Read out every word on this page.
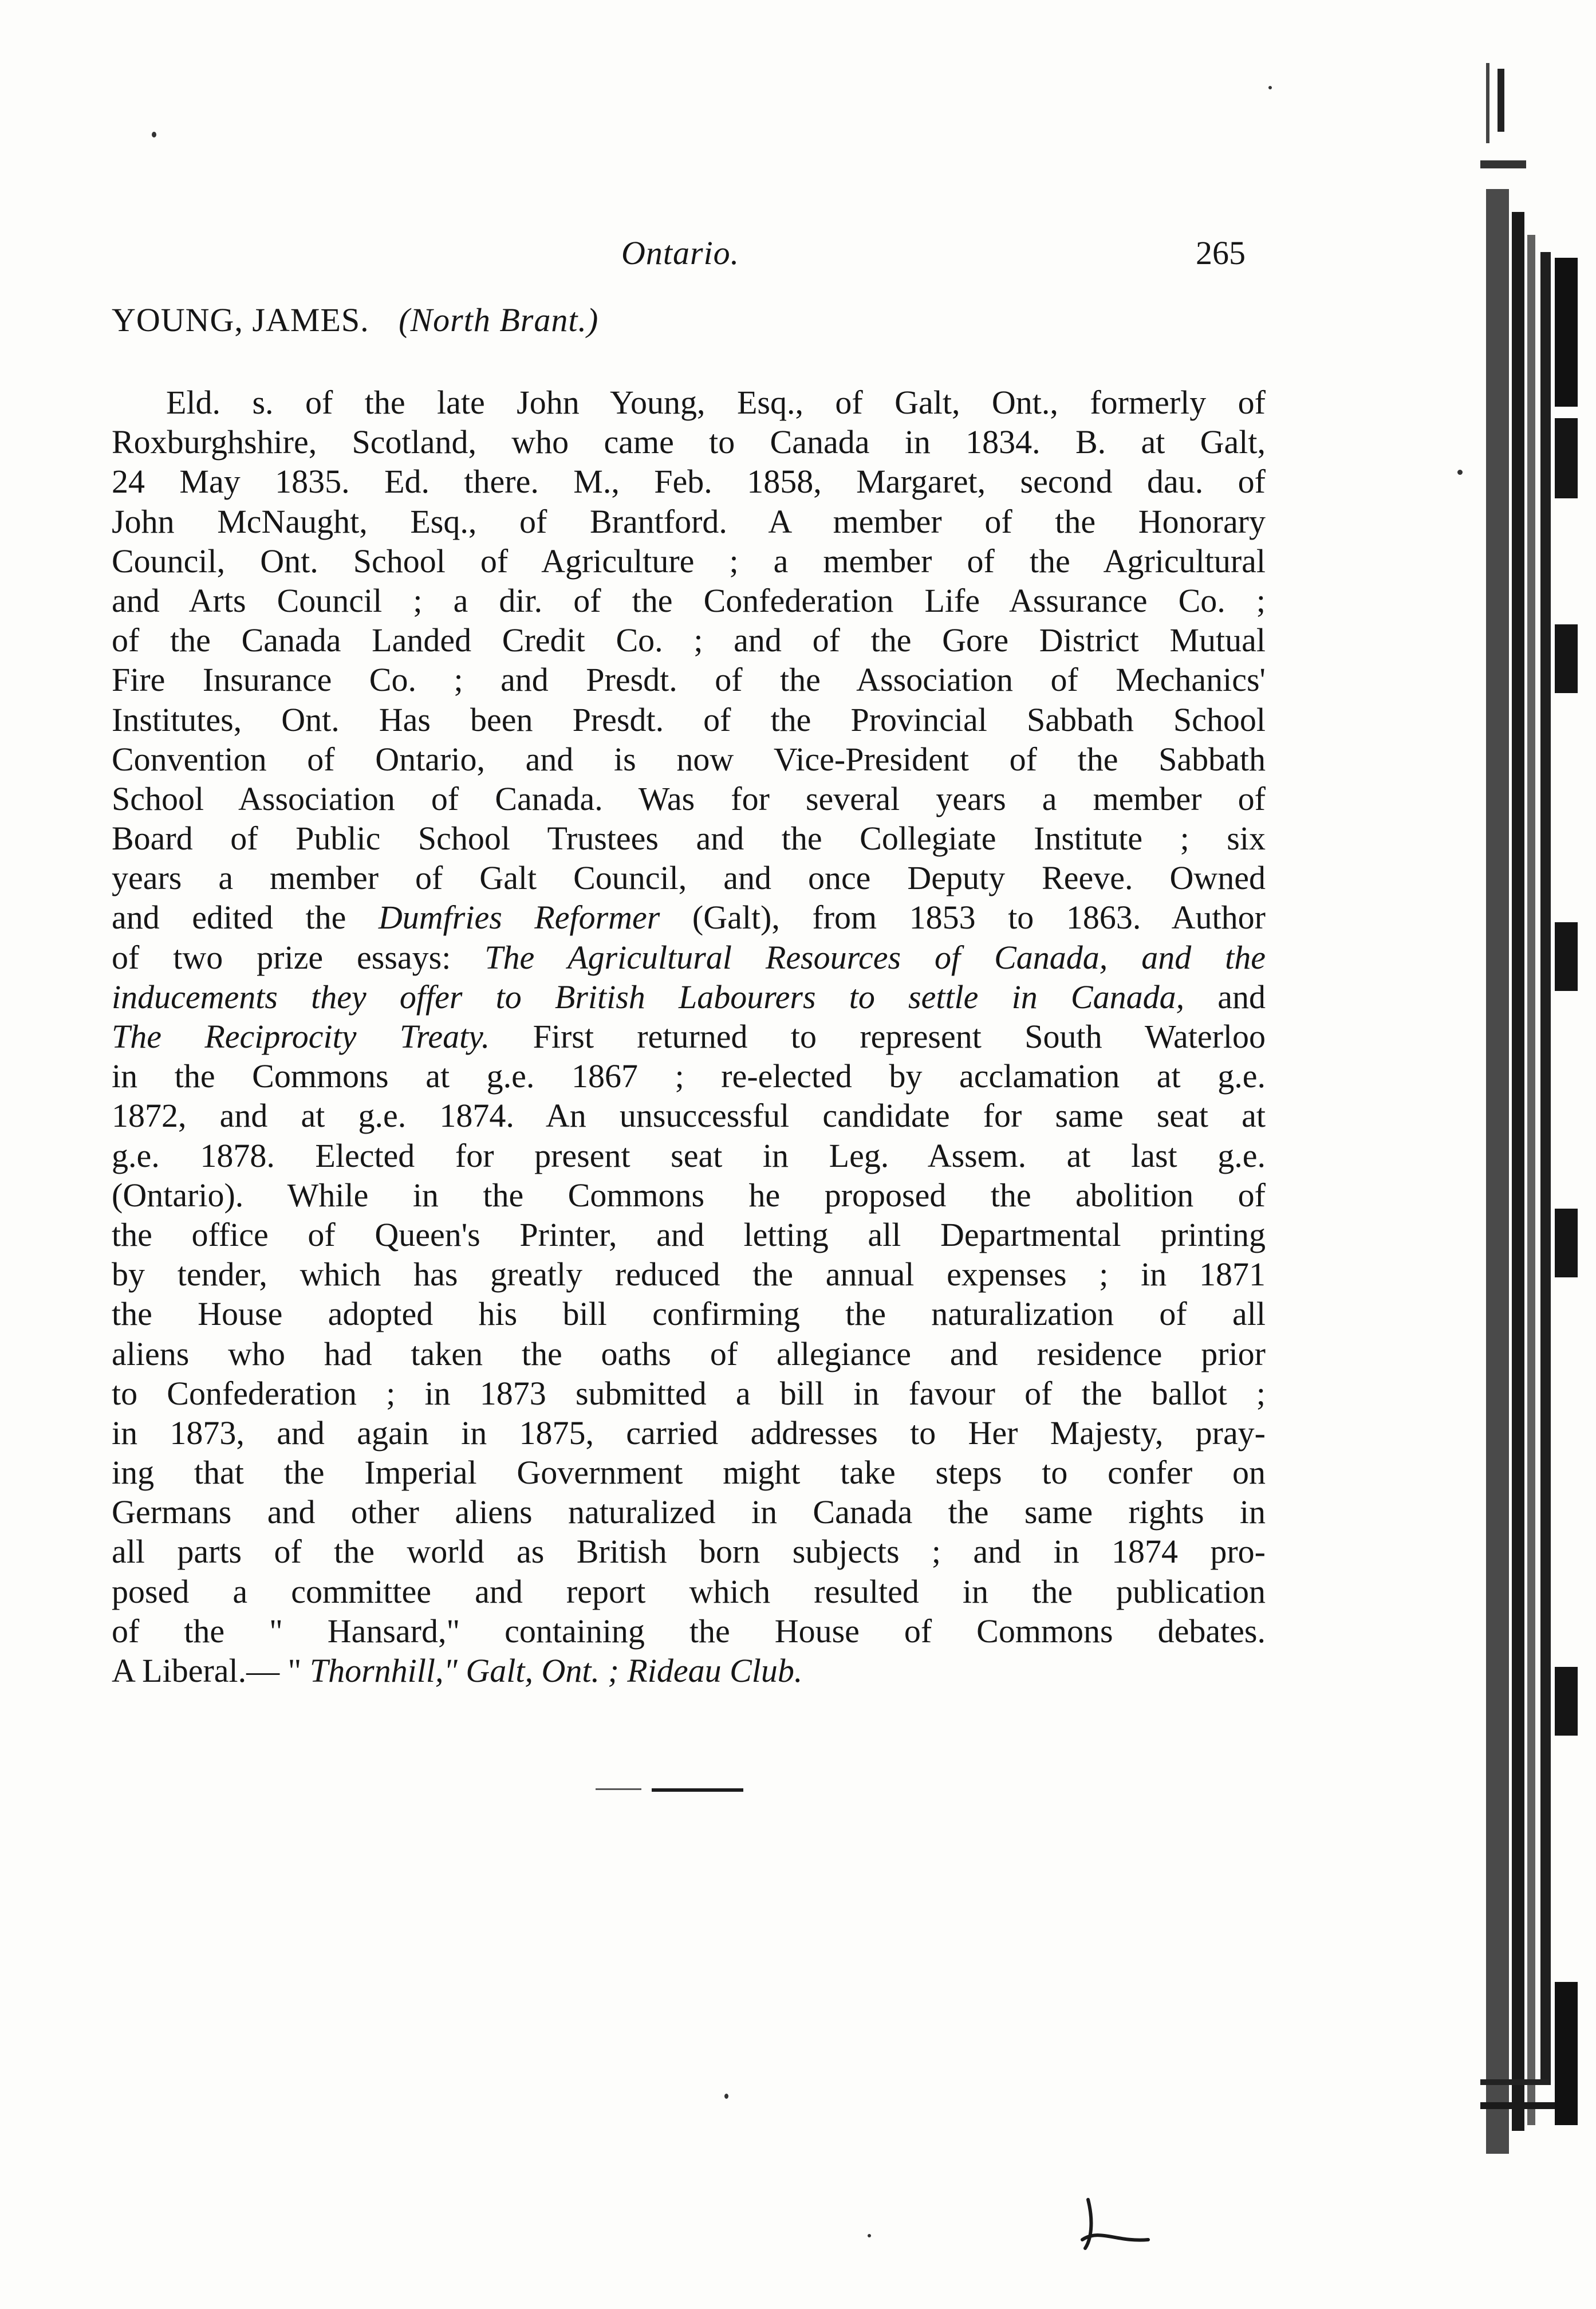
Ontario.	265
YOUNG, JAMES. (North Brant.)
Eld. s. of the late John Young, Esq., of Galt, Ont., formerly of
Roxburghshire, Scotland, who came to Canada in 1834. B. at Galt,
24 May 1835. Ed. there. M., Feb. 1858, Margaret, second dau. of
John McNaught, Esq., of Brantford. A member of the Honorary
Council, Ont. School of Agriculture ; a member of the Agricultural
and Arts Council ; a dir. of the Confederation Life Assurance Co. ;
of the Canada Landed Credit Co. ; and of the Gore District Mutual
Fire Insurance Co. ; and Presdt. of the Association of Mechanics'
Institutes, Ont. Has been Presdt. of the Provincial Sabbath School
Convention of Ontario, and is now Vice-President of the Sabbath
School Association of Canada. Was for several years a member of
Board of Public School Trustees and the Collegiate Institute ; six
years a member of Galt Council, and once Deputy Reeve. Owned
and edited the Dumfries Reformer (Galt), from 1853 to 1863. Author
of two prize essays: The Agricultural Resources of Canada, and the
inducements they offer to British Labourers to settle in Canada, and
The Reciprocity Treaty. First returned to represent South Waterloo
in the Commons at g.e. 1867 ; re-elected by acclamation at g.e.
1872, and at g.e. 1874. An unsuccessful candidate for same seat at
g.e. 1878. Elected for present seat in Leg. Assem. at last g.e.
(Ontario). While in the Commons he proposed the abolition of
the office of Queen's Printer, and letting all Departmental printing
by tender, which has greatly reduced the annual expenses ; in 1871
the House adopted his bill confirming the naturalization of all
aliens who had taken the oaths of allegiance and residence prior
to Confederation ; in 1873 submitted a bill in favour of the ballot ;
in 1873, and again in 1875, carried addresses to Her Majesty, pray-
ing that the Imperial Government might take steps to confer on
Germans and other aliens naturalized in Canada the same rights in
all parts of the world as British born subjects ; and in 1874 pro-
posed a committee and report which resulted in the publication
of the " Hansard," containing the House of Commons debates.
A Liberal.— " Thornhill," Galt, Ont. ; Rideau Club.
